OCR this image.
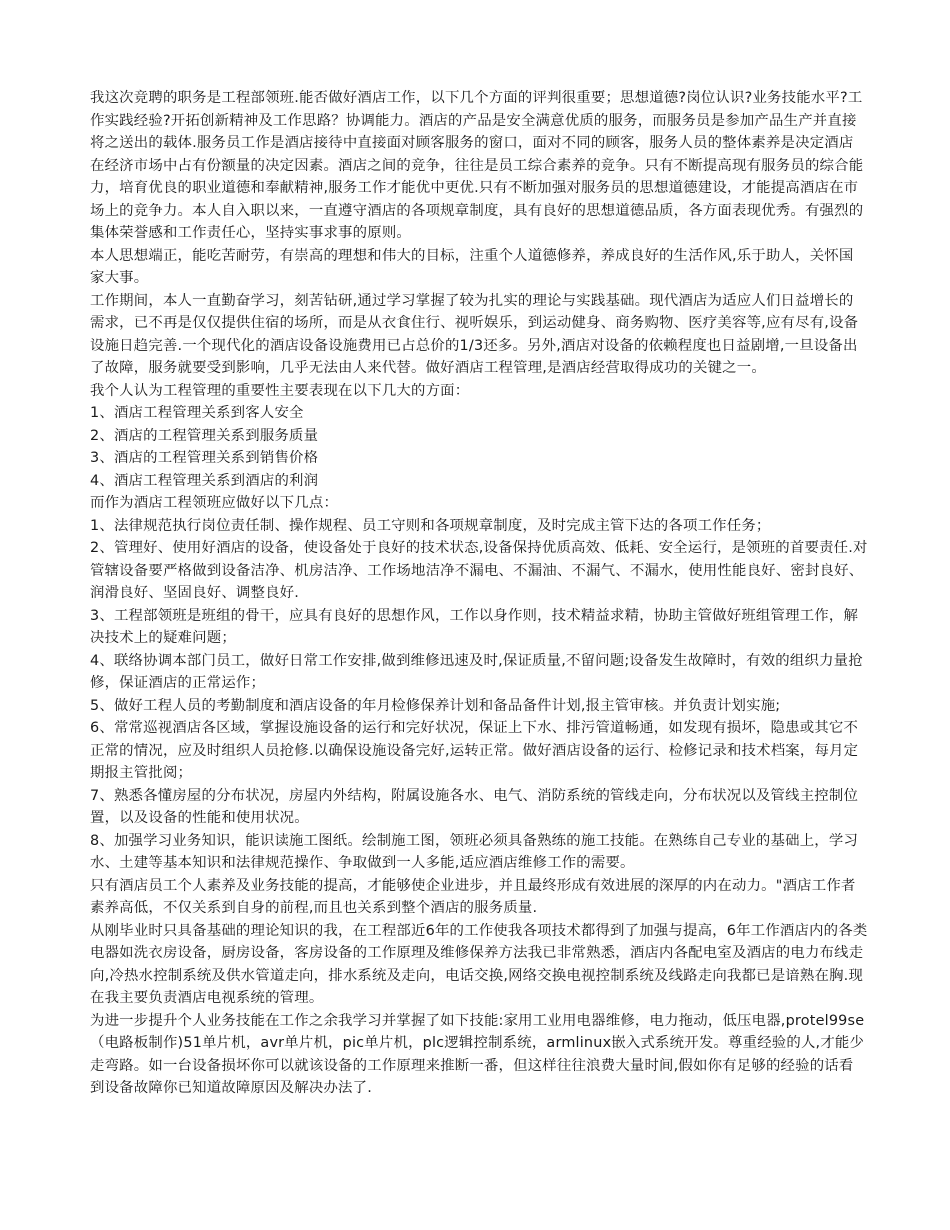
我这次竞聘的职务是工程部领班.能否做好酒店工作，以下几个方面的评判很重要；思想道德?岗位认识?业务技能水平?工作实践经验?开拓创新精神及工作思路？协调能力。酒店的产品是安全满意优质的服务，而服务员是参加产品生产并直接将之送出的载体.服务员工作是酒店接待中直接面对顾客服务的窗口，面对不同的顾客，服务人员的整体素养是决定酒店在经济市场中占有份额量的决定因素。酒店之间的竞争，往往是员工综合素养的竞争。只有不断提高现有服务员的综合能力，培育优良的职业道德和奉献精神,服务工作才能优中更优.只有不断加强对服务员的思想道德建设，才能提高酒店在市场上的竞争力。本人自入职以来，一直遵守酒店的各项规章制度，具有良好的思想道德品质，各方面表现优秀。有强烈的集体荣誉感和工作责任心，坚持实事求事的原则。

本人思想端正，能吃苦耐劳，有崇高的理想和伟大的目标，注重个人道德修养，养成良好的生活作风,乐于助人，关怀国家大事。

工作期间，本人一直勤奋学习，刻苦钻研,通过学习掌握了较为扎实的理论与实践基础。现代酒店为适应人们日益增长的需求，已不再是仅仅提供住宿的场所，而是从衣食住行、视听娱乐，到运动健身、商务购物、医疗美容等,应有尽有,设备设施日趋完善.一个现代化的酒店设备设施费用已占总价的1/3还多。另外,酒店对设备的依赖程度也日益剧增,一旦设备出了故障，服务就要受到影响，几乎无法由人来代替。做好酒店工程管理,是酒店经营取得成功的关键之一。

我个人认为工程管理的重要性主要表现在以下几大的方面：

1、酒店工程管理关系到客人安全

2、酒店的工程管理关系到服务质量

3、酒店的工程管理关系到销售价格

4、酒店工程管理关系到酒店的利润

而作为酒店工程领班应做好以下几点：

1、法律规范执行岗位责任制、操作规程、员工守则和各项规章制度，及时完成主管下达的各项工作任务；

2、管理好、使用好酒店的设备，使设备处于良好的技术状态,设备保持优质高效、低耗、安全运行，是领班的首要责任.对管辖设备要严格做到设备洁净、机房洁净、工作场地洁净不漏电、不漏油、不漏气、不漏水，使用性能良好、密封良好、润滑良好、坚固良好、调整良好.

3、工程部领班是班组的骨干，应具有良好的思想作风，工作以身作则，技术精益求精，协助主管做好班组管理工作，解决技术上的疑难问题；

4、联络协调本部门员工，做好日常工作安排,做到维修迅速及时,保证质量,不留问题;设备发生故障时，有效的组织力量抢修，保证酒店的正常运作；

5、做好工程人员的考勤制度和酒店设备的年月检修保养计划和备品备件计划,报主管审核。并负责计划实施;

6、常常巡视酒店各区域，掌握设施设备的运行和完好状况，保证上下水、排污管道畅通，如发现有损坏，隐患或其它不正常的情况，应及时组织人员抢修.以确保设施设备完好,运转正常。做好酒店设备的运行、检修记录和技术档案，每月定期报主管批阅；

7、熟悉各懂房屋的分布状况，房屋内外结构，附属设施各水、电气、消防系统的管线走向，分布状况以及管线主控制位置，以及设备的性能和使用状况。

8、加强学习业务知识，能识读施工图纸。绘制施工图，领班必须具备熟练的施工技能。在熟练自己专业的基础上，学习水、土建等基本知识和法律规范操作、争取做到一人多能,适应酒店维修工作的需要。

只有酒店员工个人素养及业务技能的提高，才能够使企业进步，并且最终形成有效进展的深厚的内在动力。"酒店工作者素养高低，不仅关系到自身的前程,而且也关系到整个酒店的服务质量.

从刚毕业时只具备基础的理论知识的我，在工程部近6年的工作使我各项技术都得到了加强与提高，6年工作酒店内的各类电器如洗衣房设备，厨房设备，客房设备的工作原理及维修保养方法我已非常熟悉，酒店内各配电室及酒店的电力布线走向,冷热水控制系统及供水管道走向，排水系统及走向，电话交换,网络交换电视控制系统及线路走向我都已是谙熟在胸.现在我主要负责酒店电视系统的管理。

为进一步提升个人业务技能在工作之余我学习并掌握了如下技能:家用工业用电器维修，电力拖动，低压电器,protel99se（电路板制作)51单片机，avr单片机，pic单片机，plc逻辑控制系统，armlinux嵌入式系统开发。尊重经验的人,才能少走弯路。如一台设备损坏你可以就该设备的工作原理来推断一番，但这样往往浪费大量时间,假如你有足够的经验的话看到设备故障你已知道故障原因及解决办法了.
